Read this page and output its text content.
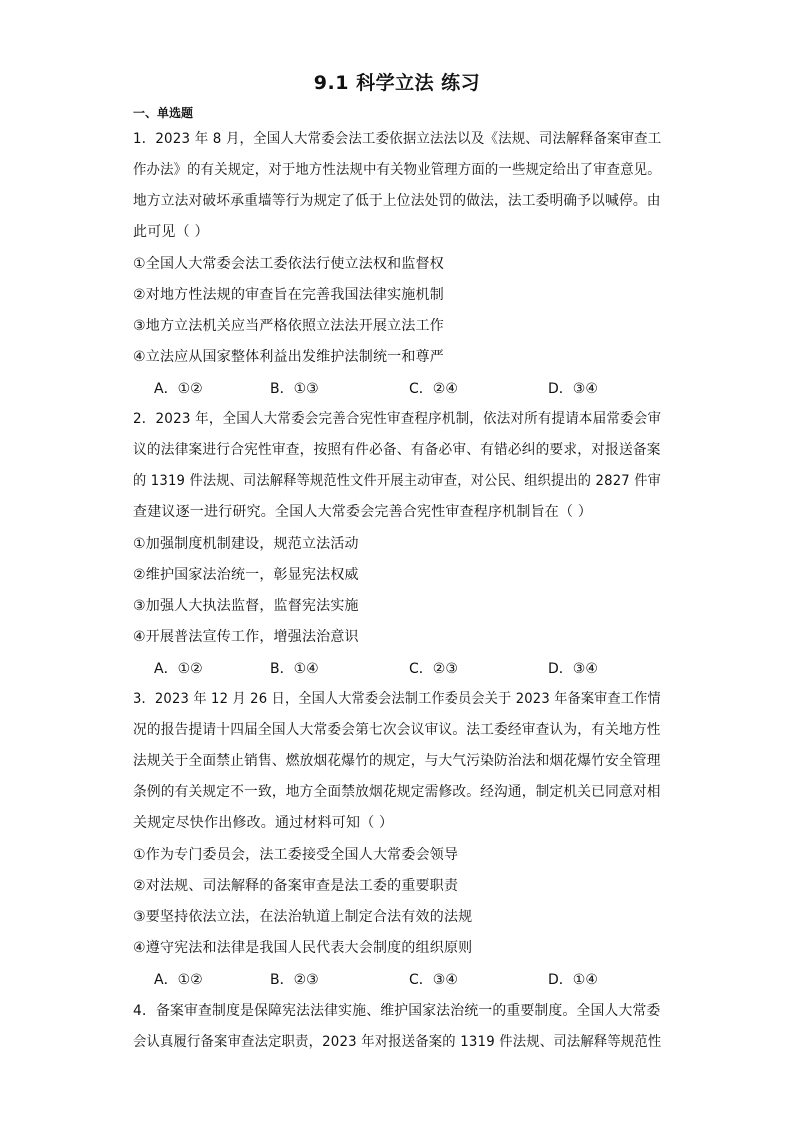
9.1 科学立法 练习
一、单选题
1．2023 年 8 月，全国人大常委会法工委依据立法法以及《法规、司法解释备案审查工
作办法》的有关规定，对于地方性法规中有关物业管理方面的一些规定给出了审查意见。
地方立法对破坏承重墙等行为规定了低于上位法处罚的做法，法工委明确予以喊停。由
此可见（ ）
①全国人大常委会法工委依法行使立法权和监督权
②对地方性法规的审查旨在完善我国法律实施机制
③地方立法机关应当严格依照立法法开展立法工作
④立法应从国家整体利益出发维护法制统一和尊严
A．①②	B．①③	C．②④	D．③④
2．2023 年，全国人大常委会完善合宪性审查程序机制，依法对所有提请本届常委会审
议的法律案进行合宪性审查，按照有件必备、有备必审、有错必纠的要求，对报送备案
的 1319 件法规、司法解释等规范性文件开展主动审查，对公民、组织提出的 2827 件审
查建议逐一进行研究。全国人大常委会完善合宪性审查程序机制旨在（ ）
①加强制度机制建设，规范立法活动
②维护国家法治统一，彰显宪法权威
③加强人大执法监督，监督宪法实施
④开展普法宣传工作，增强法治意识
A．①②	B．①④	C．②③	D．③④
3．2023 年 12 月 26 日，全国人大常委会法制工作委员会关于 2023 年备案审查工作情
况的报告提请十四届全国人大常委会第七次会议审议。法工委经审查认为，有关地方性
法规关于全面禁止销售、燃放烟花爆竹的规定，与大气污染防治法和烟花爆竹安全管理
条例的有关规定不一致，地方全面禁放烟花规定需修改。经沟通，制定机关已同意对相
关规定尽快作出修改。通过材料可知（ ）
①作为专门委员会，法工委接受全国人大常委会领导
②对法规、司法解释的备案审查是法工委的重要职责
③要坚持依法立法，在法治轨道上制定合法有效的法规
④遵守宪法和法律是我国人民代表大会制度的组织原则
A．①②	B．②③	C．③④	D．①④
4．备案审查制度是保障宪法法律实施、维护国家法治统一的重要制度。全国人大常委
会认真履行备案审查法定职责，2023 年对报送备案的 1319 件法规、司法解释等规范性
